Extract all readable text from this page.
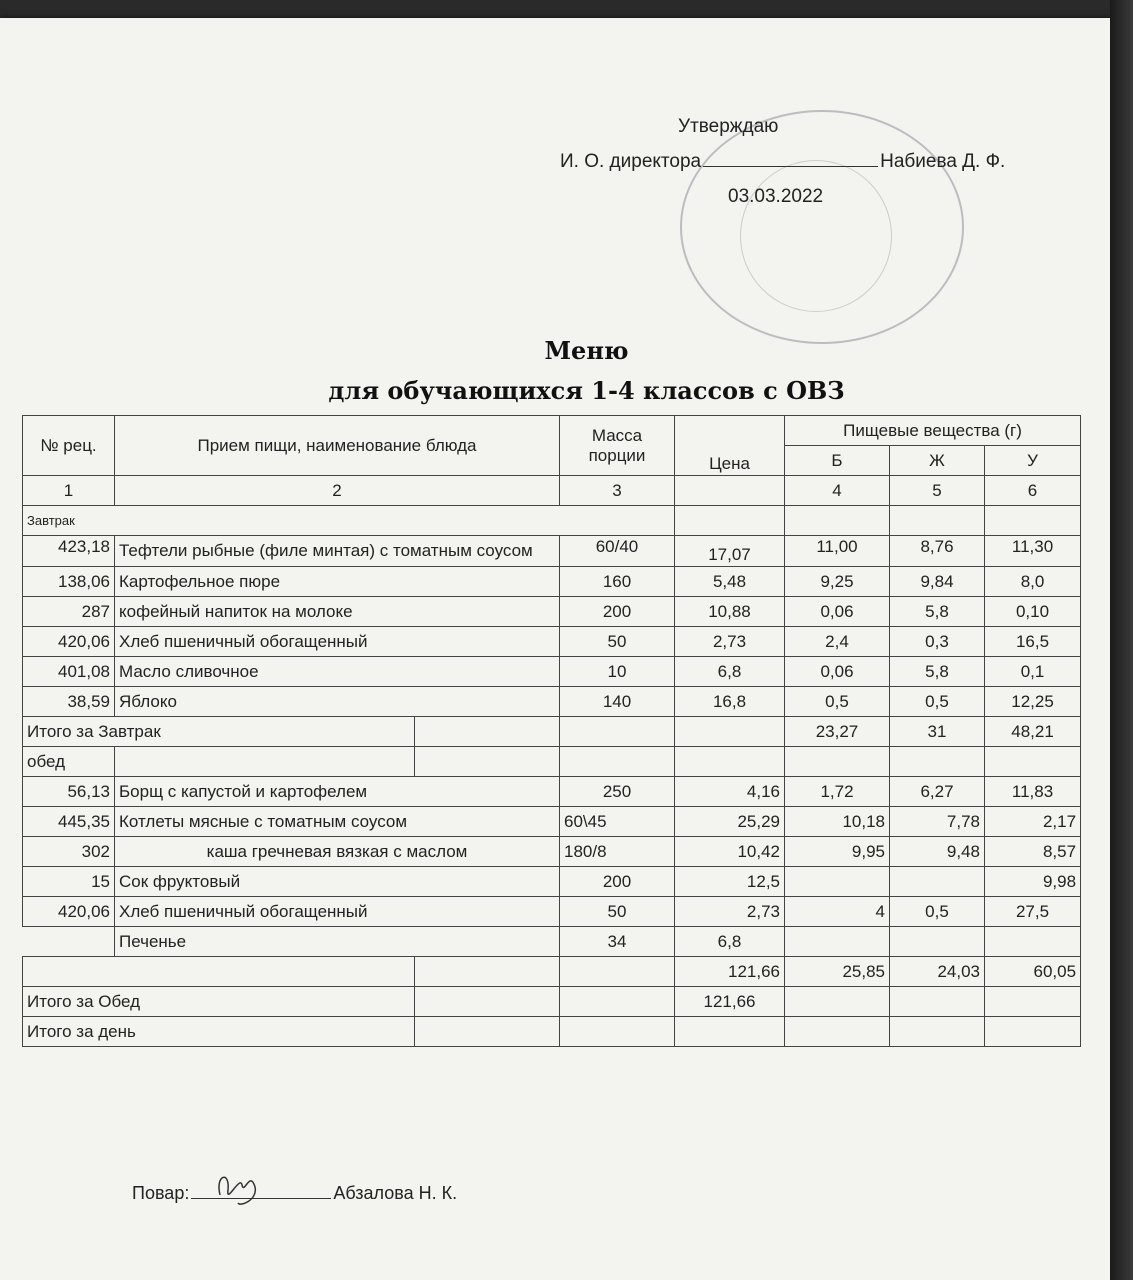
Утверждаю
И. О. директора	Набиева Д. Ф.
03.03.2022
Меню
для обучающихся 1-4 классов с ОВЗ
№ рец.	Прием пищи, наименование блюда		Масса порции	Цена	Пищевые вещества (г)		
					Б	Ж	У
1	2		3		4	5	6
Завтрак							
423,18	Тефтели рыбные (филе минтая) с томатным соусом		60/40	17,07	11,00	8,76	11,30
138,06	Картофельное пюре		160	5,48	9,25	9,84	8,0
287	кофейный напиток на молоке		200	10,88	0,06	5,8	0,10
420,06	Хлеб пшеничный обогащенный		50	2,73	2,4	0,3	16,5
401,08	Масло сливочное		10	6,8	0,06	5,8	0,1
38,59	Яблоко		140	16,8	0,5	0,5	12,25
Итого за Завтрак					23,27	31	48,21
обед							
56,13	Борщ с капустой и картофелем		250	4,16	1,72	6,27	11,83
445,35	Котлеты мясные с томатным соусом		60\45	25,29	10,18	7,78	2,17
302	каша гречневая вязкая с маслом		180/8	10,42	9,95	9,48	8,57
15	Сок фруктовый		200	12,5			9,98
420,06	Хлеб пшеничный обогащенный		50	2,73	4	0,5	27,5
	Печенье		34	6,8			
				121,66	25,85	24,03	60,05
Итого за Обед				121,66			
Итого за день							
Повар:	Абзалова Н. К.
